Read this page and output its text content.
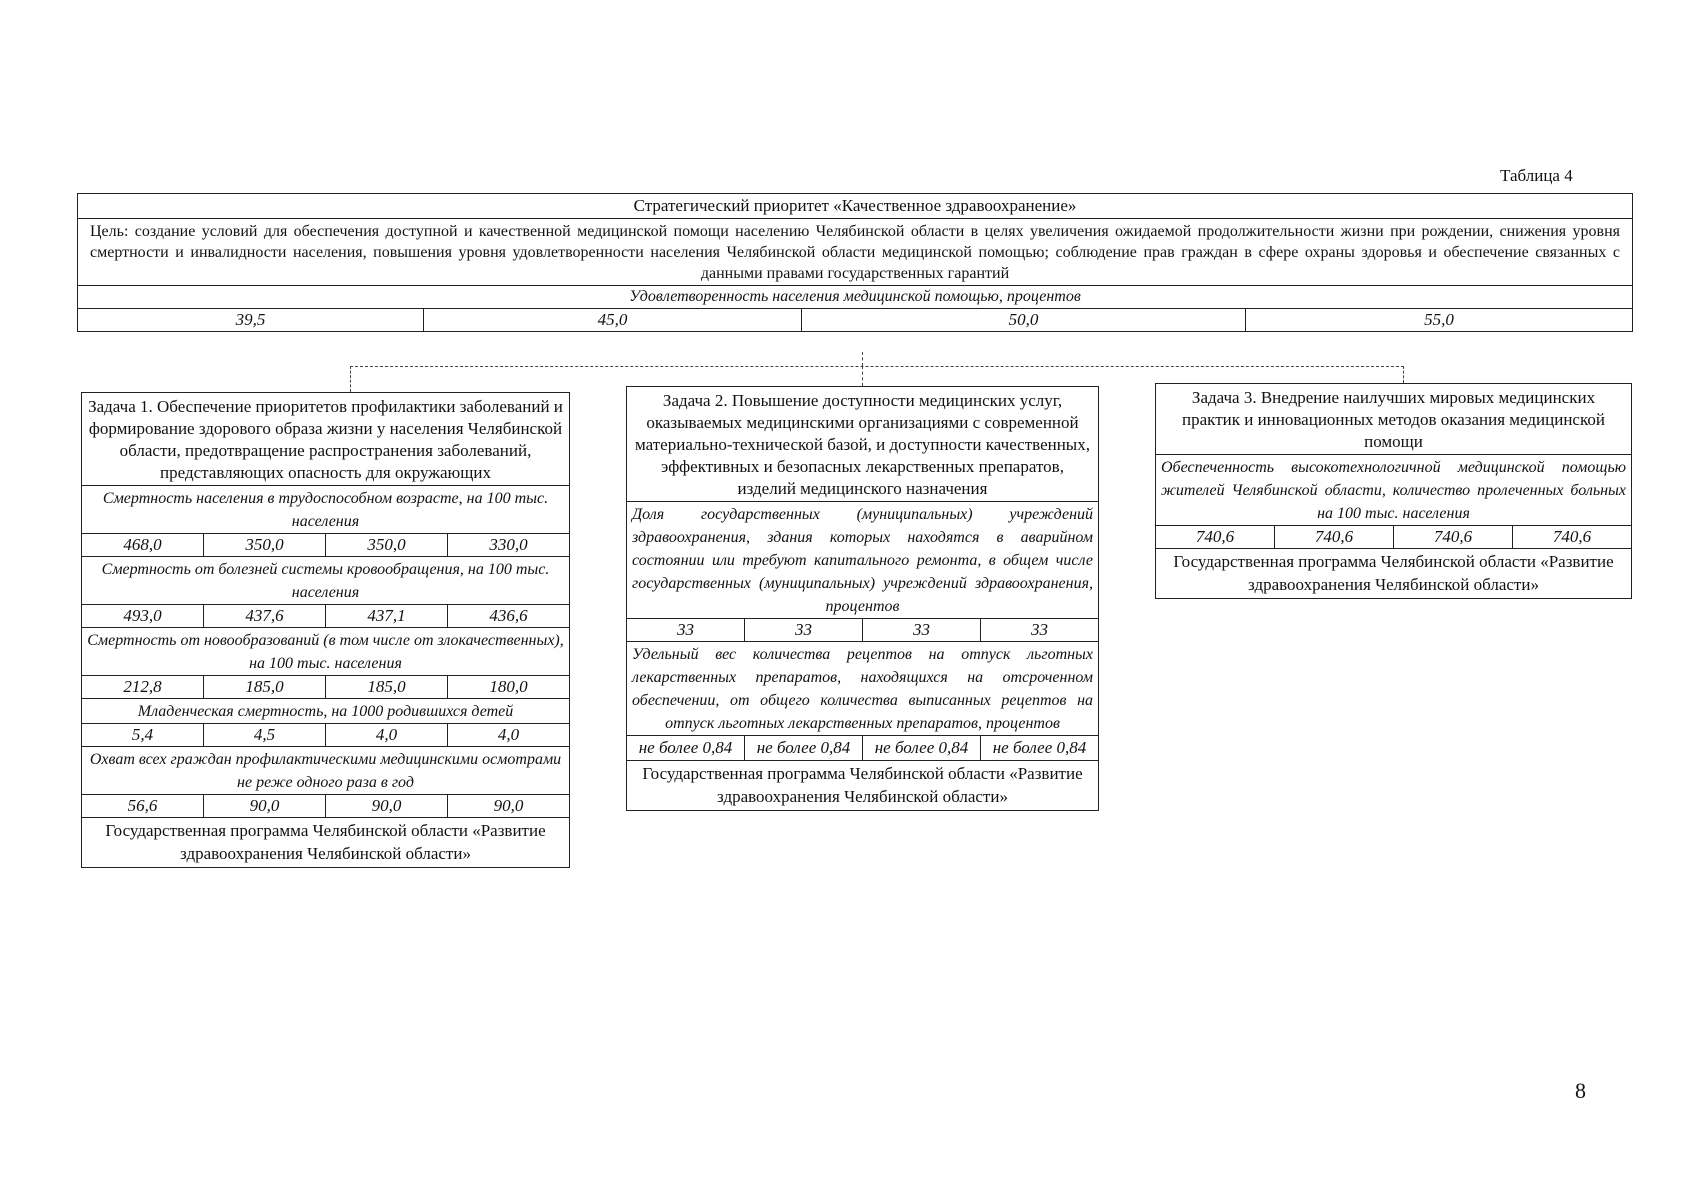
Таблица 4
Стратегический приоритет «Качественное здравоохранение»
Цель: создание условий для обеспечения доступной и качественной медицинской помощи населению Челябинской области в целях увеличения ожидаемой продолжительности жизни при рождении, снижения уровня смертности и инвалидности населения, повышения уровня удовлетворенности населения Челябинской области медицинской помощью; соблюдение прав граждан в сфере охраны здоровья и обеспечение связанных с данными правами государственных гарантий
Удовлетворенность населения медицинской помощью, процентов
39,5	45,0	50,0	55,0
Задача 1. Обеспечение приоритетов профилактики заболеваний и формирование здорового образа жизни у населения Челябинской области, предотвращение распространения заболеваний, представляющих опасность для окружающих
Смертность населения в трудоспособном возрасте, на 100 тыс. населения
468,0	350,0	350,0	330,0
Смертность от болезней системы кровообращения, на 100 тыс. населения
493,0	437,6	437,1	436,6
Смертность от новообразований (в том числе от злокачественных), на 100 тыс. населения
212,8	185,0	185,0	180,0
Младенческая смертность, на 1000 родившихся детей
5,4	4,5	4,0	4,0
Охват всех граждан профилактическими медицинскими осмотрами не реже одного раза в год
56,6	90,0	90,0	90,0
Государственная программа Челябинской области «Развитие здравоохранения Челябинской области»
Задача 2. Повышение доступности медицинских услуг, оказываемых медицинскими организациями с современной материально-технической базой, и доступности качественных, эффективных и безопасных лекарственных препаратов, изделий медицинского назначения
Доля государственных (муниципальных) учреждений здравоохранения, здания которых находятся в аварийном состоянии или требуют капитального ремонта, в общем числе государственных (муниципальных) учреждений здравоохранения, процентов
33	33	33	33
Удельный вес количества рецептов на отпуск льготных лекарственных препаратов, находящихся на отсроченном обеспечении, от общего количества выписанных рецептов на отпуск льготных лекарственных препаратов, процентов
не более 0,84	не более 0,84	не более 0,84	не более 0,84
Государственная программа Челябинской области «Развитие здравоохранения Челябинской области»
Задача 3. Внедрение наилучших мировых медицинских практик и инновационных методов оказания медицинской помощи
Обеспеченность высокотехнологичной медицинской помощью жителей Челябинской области, количество пролеченных больных на 100 тыс. населения
740,6	740,6	740,6	740,6
Государственная программа Челябинской области «Развитие здравоохранения Челябинской области»
8
